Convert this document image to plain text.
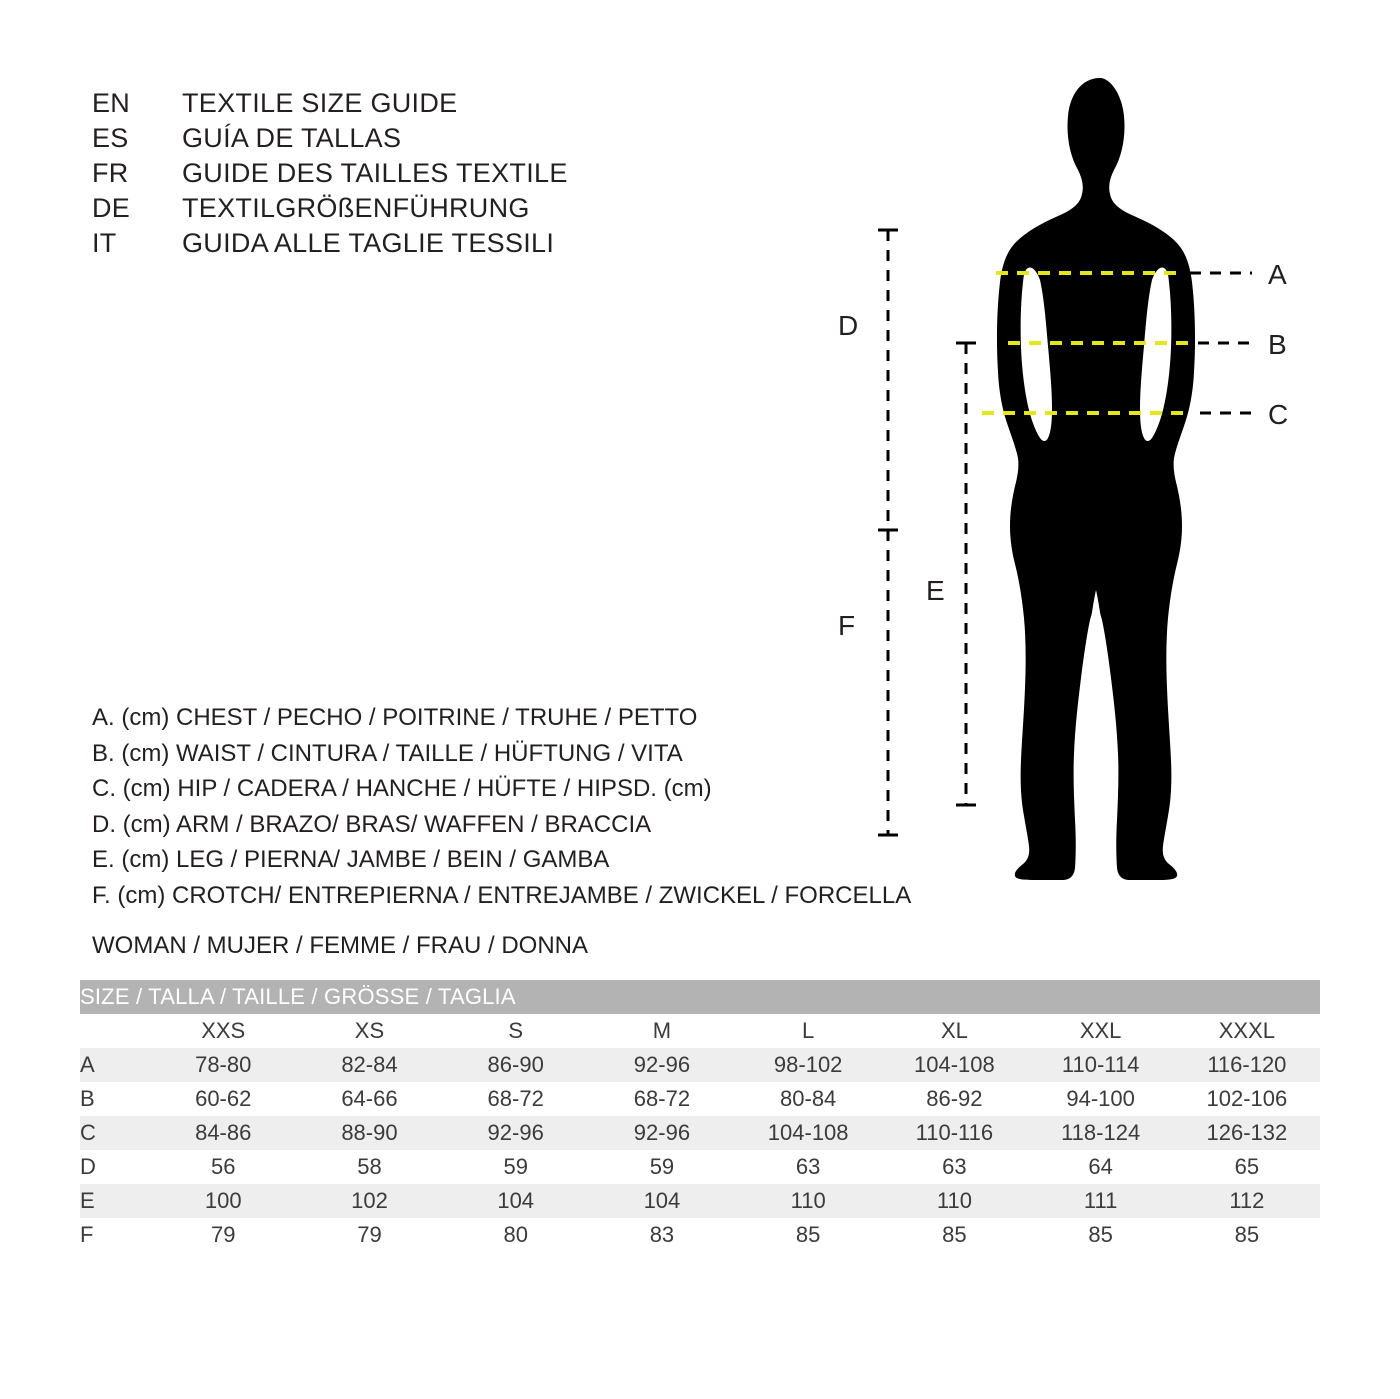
EN	TEXTILE SIZE GUIDE
ES	GUÍA DE TALLAS
FR	GUIDE DES TAILLES TEXTILE
DE	TEXTILGRÖßENFÜHRUNG
IT	GUIDA ALLE TAGLIE TESSILI
A. (cm) CHEST / PECHO / POITRINE / TRUHE / PETTO
B. (cm) WAIST / CINTURA / TAILLE / HÜFTUNG / VITA
C. (cm) HIP / CADERA / HANCHE / HÜFTE / HIPSD. (cm)
D. (cm) ARM / BRAZO/ BRAS/ WAFFEN / BRACCIA
E. (cm) LEG / PIERNA/ JAMBE / BEIN / GAMBA
F. (cm) CROTCH/ ENTREPIERNA / ENTREJAMBE / ZWICKEL / FORCELLA
WOMAN / MUJER / FEMME / FRAU / DONNA
A
B
C
D
F
E
SIZE / TALLA / TAILLE / GRÖSSE / TAGLIA								
	XXS	XS	S	M	L	XL	XXL	XXXL
A	78-80	82-84	86-90	92-96	98-102	104-108	110-114	116-120
B	60-62	64-66	68-72	68-72	80-84	86-92	94-100	102-106
C	84-86	88-90	92-96	92-96	104-108	110-116	118-124	126-132
D	56	58	59	59	63	63	64	65
E	100	102	104	104	110	110	111	112
F	79	79	80	83	85	85	85	85
